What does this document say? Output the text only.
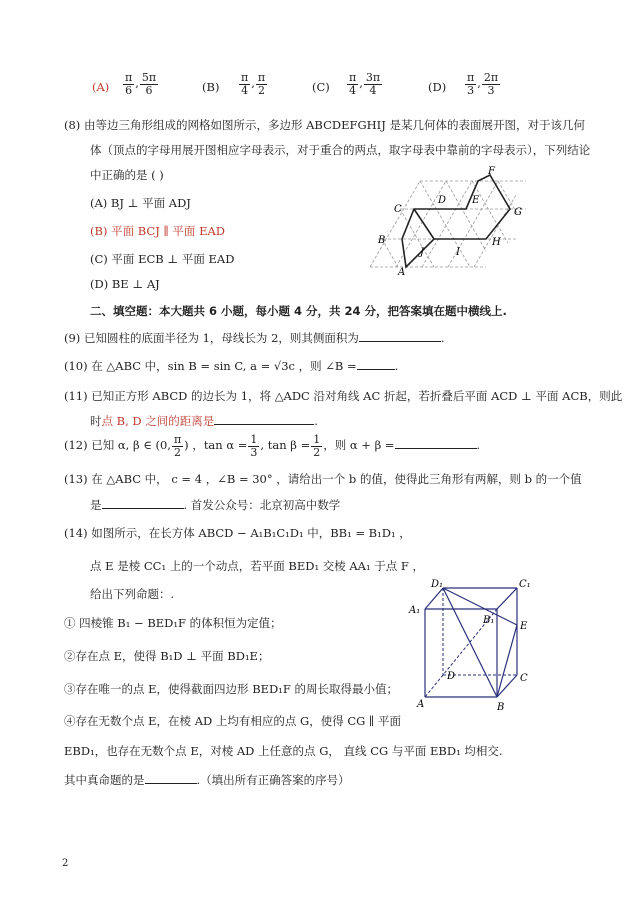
$(A) \frac{\pi}{6}$ , $\frac{5\pi}{6}$	$(B) \frac{\pi}{4}$ , $\frac{\pi}{2}$	$(C) \frac{\pi}{4}$ , $\frac{3\pi}{4}$	$(D) \frac{\pi}{3}$ , $\frac{2\pi}{3}$
(8) 由等边三角形组成的网格如图所示，多边形 ABCDEFGHIJ 是某几何体的表面展开图，对于该几何
体（顶点的字母用展开图相应字母表示，对于重合的两点，取字母表中靠前的字母表示），下列结论
中正确的是 ( )
(A) BJ ⊥ 平面 ADJ
(B) 平面 BCJ ∥ 平面 EAD
(C) 平面 ECB ⊥ 平面 EAD
(D) BE ⊥ AJ
F
C
D	E
G
B
J	I
H
A
二、填空题：本大题共 6 小题，每小题 4 分，共 24 分，把答案填在题中横线上.
(9) 已知圆柱的底面半径为 1，母线长为 2，则其侧面积为	.
(10) 在 △ABC 中，sin B = sin C, a = √3c ，则 ∠B =	.
(11) 已知正方形 ABCD 的边长为 1，将 △ADC 沿对角线 AC 折起，若折叠后平面 ACD ⊥ 平面 ACB，则此
时点 B, D 之间的距离是	.
(12) 已知 α, β ∈ (0, $\frac{\pi}{2}$ ) ，$\tan \alpha = \frac{1}{3}$ , $\tan \beta = \frac{1}{2}$ ，则 α + β =	.
(13) 在 △ABC 中， c = 4 ，∠B = 30° ，请给出一个 b 的值，使得此三角形有两解，则 b 的一个值
是	. 首发公众号：北京初高中数学
(14) 如图所示，在长方体 ABCD − A₁B₁C₁D₁ 中，BB₁ = B₁D₁ ，
点 E 是棱 CC₁ 上的一个动点，若平面 BED₁ 交棱 AA₁ 于点 F ，
给出下列命题：.
① 四棱锥 B₁ − BED₁F 的体积恒为定值；
②存在点 E，使得 B₁D ⊥ 平面 BD₁E；
③存在唯一的点 E，使得截面四边形 BED₁F 的周长取得最小值；
④存在无数个点 E，在棱 AD 上均有相应的点 G，使得 CG ∥ 平面
EBD₁，也存在无数个点 E，对棱 AD 上任意的点 G， 直线 CG 与平面 EBD₁ 均相交.
其中真命题的是	.（填出所有正确答案的序号）
D₁	C₁
A₁
B₁
E
D	C
A	B
2
